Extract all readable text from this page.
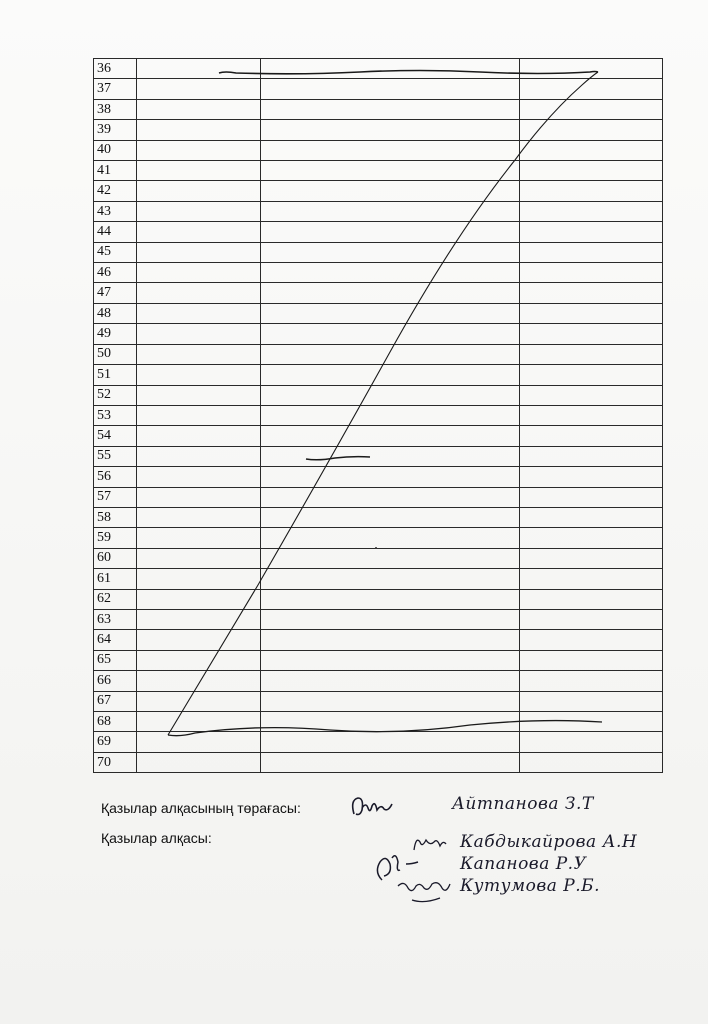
36			
37			
38			
39			
40			
41			
42			
43			
44			
45			
46			
47			
48			
49			
50			
51			
52			
53			
54			
55			
56			
57			
58			
59			
60			
61			
62			
63			
64			
65			
66			
67			
68			
69			
70			
Қазылар алқасының төрағасы:	Айтпанова З.Т
Қазылар алқасы:	Кабдыкайрова А.Н
Капанова Р.У
Кутумова Р.Б.
